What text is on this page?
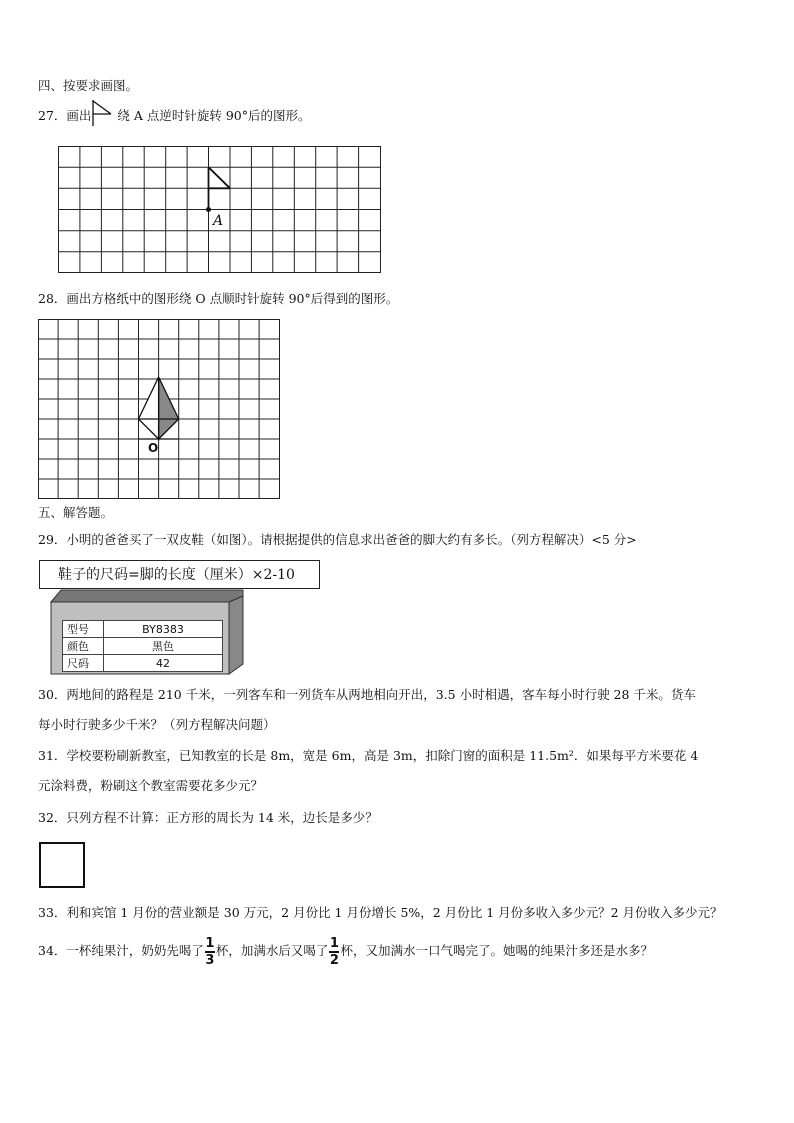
四、按要求画图。
27．画出 绕 A 点逆时针旋转 90°后的图形。
A
28．画出方格纸中的图形绕 O 点顺时针旋转 90°后得到的图形。
O
五、解答题。
29．小明的爸爸买了一双皮鞋（如图）。请根据提供的信息求出爸爸的脚大约有多长。（列方程解决）<5 分>
鞋子的尺码=脚的长度（厘米）×2-10
型号	BY8383
颜色	黑色
尺码	42
30．两地间的路程是 210 千米，一列客车和一列货车从两地相向开出，3.5 小时相遇，客车每小时行驶 28 千米。货车
每小时行驶多少千米？（列方程解决问题）
31．学校要粉刷新教室，已知教室的长是 8m，宽是 6m，高是 3m，扣除门窗的面积是 11.5m²．如果每平方米要花 4
元涂料费，粉刷这个教室需要花多少元？
32．只列方程不计算：正方形的周长为 14 米，边长是多少？
33．利和宾馆 1 月份的营业额是 30 万元，2 月份比 1 月份增长 5%，2 月份比 1 月份多收入多少元？2 月份收入多少元？
34．一杯纯果汁，奶奶先喝了 $\frac{1}{3}$ 杯，加满水后又喝了 $\frac{1}{2}$ 杯，又加满水一口气喝完了。她喝的纯果汁多还是水多？
